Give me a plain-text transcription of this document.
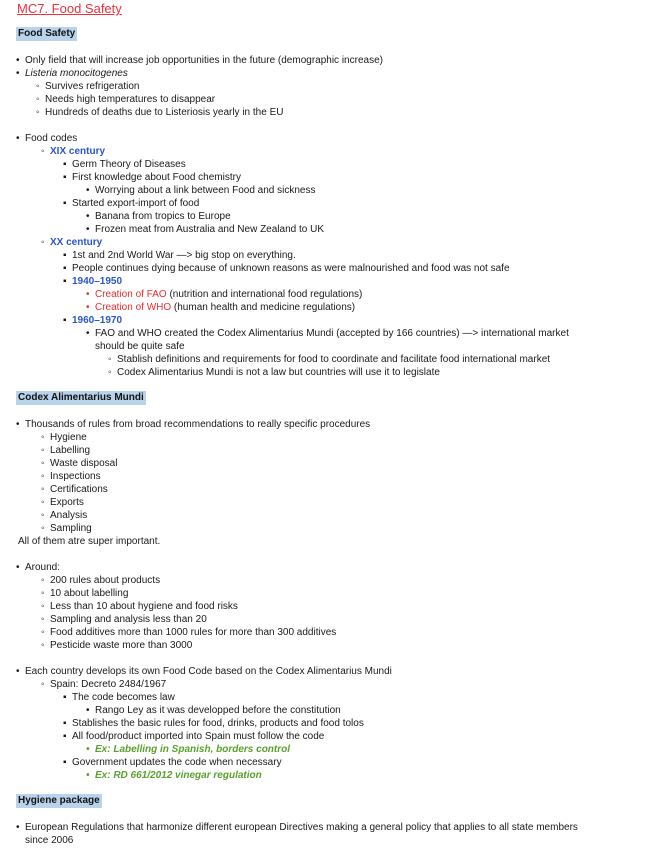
MC7. Food Safety
Food Safety
Codex Alimentarius Mundi
Hygiene package
• Only field that will increase job opportunities in the future (demographic increase)
• Listeria monocitogenes
◦ Survives refrigeration
◦ Needs high temperatures to disappear
◦ Hundreds of deaths due to Listeriosis yearly in the EU
• Food codes
◦ XIX century
▪ Germ Theory of Diseases
▪ First knowledge about Food chemistry
• Worrying about a link between Food and sickness
▪ Started export-import of food
• Banana from tropics to Europe
• Frozen meat from Australia and New Zealand to UK
◦ XX century
▪ 1st and 2nd World War —> big stop on everything.
▪ People continues dying because of unknown reasons as were malnourished and food was not safe
▪ 1940–1950
• Creation of FAO (nutrition and international food regulations)
• Creation of WHO (human health and medicine regulations)
▪ 1960–1970
• FAO and WHO created the Codex Alimentarius Mundi (accepted by 166 countries) —> international market
should be quite safe
◦ Stablish definitions and requirements for food to coordinate and facilitate food international market
◦ Codex Alimentarius Mundi is not a law but countries will use it to legislate
• Thousands of rules from broad recommendations to really specific procedures
◦ Hygiene
◦ Labelling
◦ Waste disposal
◦ Inspections
◦ Certifications
◦ Exports
◦ Analysis
◦ Sampling
All of them atre super important.
• Around:
◦ 200 rules about products
◦ 10 about labelling
◦ Less than 10 about hygiene and food risks
◦ Sampling and analysis less than 20
◦ Food additives more than 1000 rules for more than 300 additives
◦ Pesticide waste more than 3000
• Each country develops its own Food Code based on the Codex Alimentarius Mundi
◦ Spain: Decreto 2484/1967
▪ The code becomes law
• Rango Ley as it was developped before the constitution
▪ Stablishes the basic rules for food, drinks, products and food tolos
▪ All food/product imported into Spain must follow the code
• Ex: Labelling in Spanish, borders control
▪ Government updates the code when necessary
• Ex: RD 661/2012 vinegar regulation
• European Regulations that harmonize different european Directives making a general policy that applies to all state members
since 2006
